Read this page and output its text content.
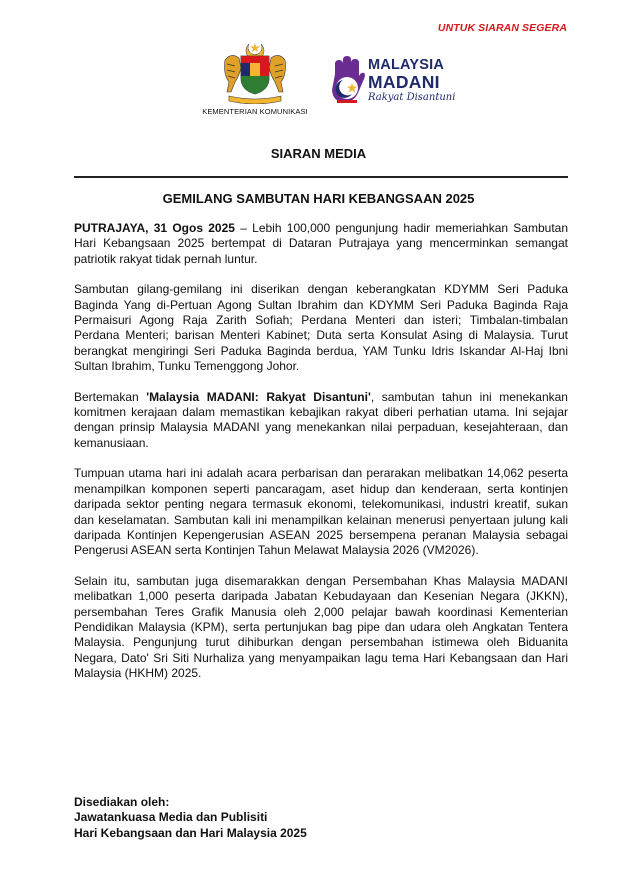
UNTUK SIARAN SEGERA
KEMENTERIAN KOMUNIKASI
MALAYSIA
MADANI
Rakyat Disantuni
SIARAN MEDIA
GEMILANG SAMBUTAN HARI KEBANGSAAN 2025

PUTRAJAYA, 31 Ogos 2025 – Lebih 100,000 pengunjung hadir memeriahkan Sambutan Hari Kebangsaan 2025 bertempat di Dataran Putrajaya yang mencerminkan semangat patriotik rakyat tidak pernah luntur.

Sambutan gilang-gemilang ini diserikan dengan keberangkatan KDYMM Seri Paduka Baginda Yang di-Pertuan Agong Sultan Ibrahim dan KDYMM Seri Paduka Baginda Raja Permaisuri Agong Raja Zarith Sofiah; Perdana Menteri dan isteri; Timbalan-timbalan Perdana Menteri; barisan Menteri Kabinet; Duta serta Konsulat Asing di Malaysia. Turut berangkat mengiringi Seri Paduka Baginda berdua, YAM Tunku Idris Iskandar Al-Haj Ibni Sultan Ibrahim, Tunku Temenggong Johor.

Bertemakan 'Malaysia MADANI: Rakyat Disantuni', sambutan tahun ini menekankan komitmen kerajaan dalam memastikan kebajikan rakyat diberi perhatian utama. Ini sejajar dengan prinsip Malaysia MADANI yang menekankan nilai perpaduan, kesejahteraan, dan kemanusiaan.

Tumpuan utama hari ini adalah acara perbarisan dan perarakan melibatkan 14,062 peserta menampilkan komponen seperti pancaragam, aset hidup dan kenderaan, serta kontinjen daripada sektor penting negara termasuk ekonomi, telekomunikasi, industri kreatif, sukan dan keselamatan. Sambutan kali ini menampilkan kelainan menerusi penyertaan julung kali daripada Kontinjen Kepengerusian ASEAN 2025 bersempena peranan Malaysia sebagai Pengerusi ASEAN serta Kontinjen Tahun Melawat Malaysia 2026 (VM2026).

Selain itu, sambutan juga disemarakkan dengan Persembahan Khas Malaysia MADANI melibatkan 1,000 peserta daripada Jabatan Kebudayaan dan Kesenian Negara (JKKN), persembahan Teres Grafik Manusia oleh 2,000 pelajar bawah koordinasi Kementerian Pendidikan Malaysia (KPM), serta pertunjukan bag pipe dan udara oleh Angkatan Tentera Malaysia. Pengunjung turut dihiburkan dengan persembahan istimewa oleh Biduanita Negara, Dato' Sri Siti Nurhaliza yang menyampaikan lagu tema Hari Kebangsaan dan Hari Malaysia (HKHM) 2025.

Disediakan oleh:
Jawatankuasa Media dan Publisiti
Hari Kebangsaan dan Hari Malaysia 2025
